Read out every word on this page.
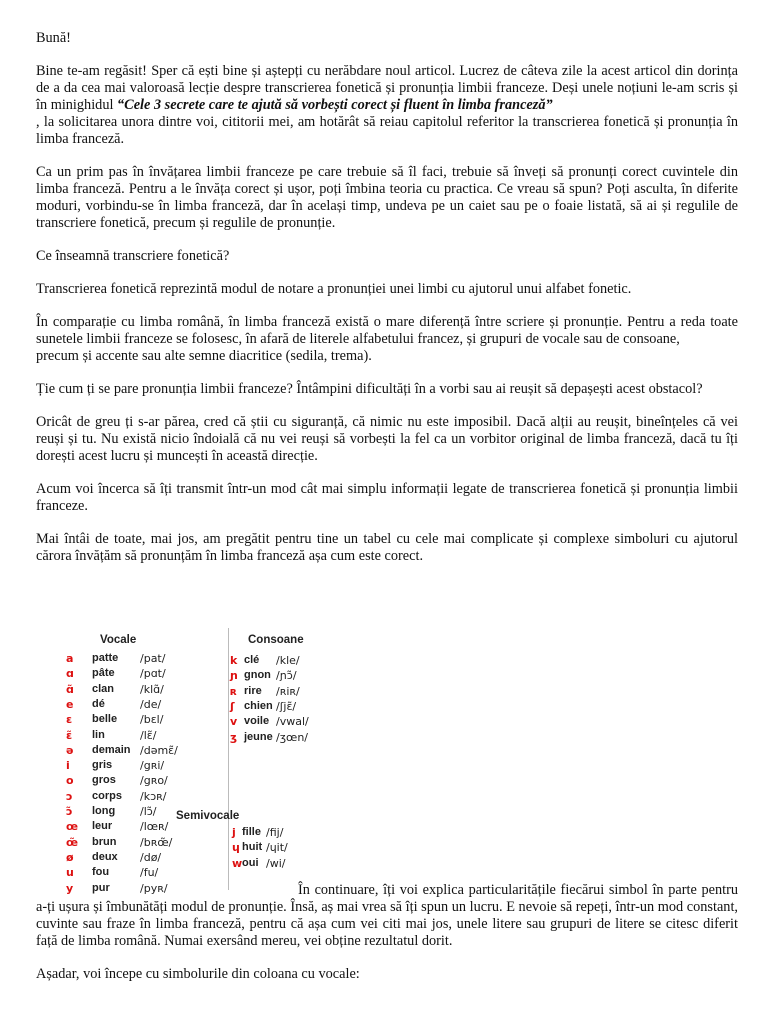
Bună!

Bine te-am regăsit! Sper că ești bine și aștepți cu nerăbdare noul articol. Lucrez de câteva zile la acest articol din dorința de a da cea mai valoroasă lecție despre transcrierea fonetică și pronunția limbii franceze. Deși unele noțiuni le-am scris și în minighidul “Cele 3 secrete care te ajută să vorbești corect și fluent în limba franceză”
, la solicitarea unora dintre voi, cititorii mei, am hotărât să reiau capitolul referitor la transcrierea fonetică și pronunția în limba franceză.

Ca un prim pas în învățarea limbii franceze pe care trebuie să îl faci, trebuie să înveți să pronunți corect cuvintele din limba franceză. Pentru a le învăța corect și ușor, poți îmbina teoria cu practica. Ce vreau să spun? Poți asculta, în diferite moduri, vorbindu-se în limba franceză, dar în același timp, undeva pe un caiet sau pe o foaie listată, să ai și regulile de transcriere fonetică, precum și regulile de pronunție.

Ce înseamnă transcriere fonetică?

Transcrierea fonetică reprezintă modul de notare a pronunției unei limbi cu ajutorul unui alfabet fonetic.

În comparație cu limba română, în limba franceză există o mare diferență între scriere și pronunție. Pentru a reda toate sunetele limbii franceze se folosesc, în afară de literele alfabetului francez, și grupuri de vocale sau de consoane,
precum și accente sau alte semne diacritice (sedila, trema).

Ție cum ți se pare pronunția limbii franceze? Întâmpini dificultăți în a vorbi sau ai reușit să depașești acest obstacol?

Oricât de greu ți s-ar părea, cred că știi cu siguranță, că nimic nu este imposibil. Dacă alții au reușit, bineînțeles că vei reuși și tu. Nu există nicio îndoială că nu vei reuși să vorbești la fel ca un vorbitor original de limba franceză, dacă tu îți dorești acest lucru și muncești în această direcție.

Acum voi încerca să îți transmit într-un mod cât mai simplu informații legate de transcrierea fonetică și pronunția limbii franceze.

Mai întâi de toate, mai jos, am pregătit pentru tine un tabel cu cele mai complicate și complexe simboluri cu ajutorul cărora învățăm să pronunțăm în limba franceză așa cum este corect.

Vocale	Consoane
a patte /pat/
ɑ pâte /pɑt/
ɑ̃ clan /klɑ̃/
e dé	/de/
ɛ belle /bɛl/
ɛ̃ lin	/lɛ̃/
ə demain /dəmɛ̃/
i gris	/gʀi/
o gros /gʀo/
ɔ corps /kɔʀ/
ɔ̃ long /lɔ̃/
œ leur	/lœʀ/
œ̃ brun /bʀœ̃/
ø deux /dø/
u fou	/fu/
y pur	/pyʀ/
k clé /kle/
ɲ gnon /ɲɔ̃/
ʀ rire /ʀiʀ/
ʃ chien /ʃjɛ̃/
v voile /vwal/
ʒ jeune /ʒœn/
Semivocale
j fille /fij/
ɥ huit /ɥit/
w oui /wi/

În continuare, îți voi explica particularitățile fiecărui simbol în parte pentru a-ți ușura și îmbunătăți modul de pronunție. Însă, aș mai vrea să îți spun un lucru. E nevoie să repeți, într-un mod constant, cuvinte sau fraze în limba franceză, pentru că așa cum vei citi mai jos, unele litere sau grupuri de litere se citesc diferit față de limba română. Numai exersând mereu, vei obține rezultatul dorit.

Așadar, voi începe cu simbolurile din coloana cu vocale:
